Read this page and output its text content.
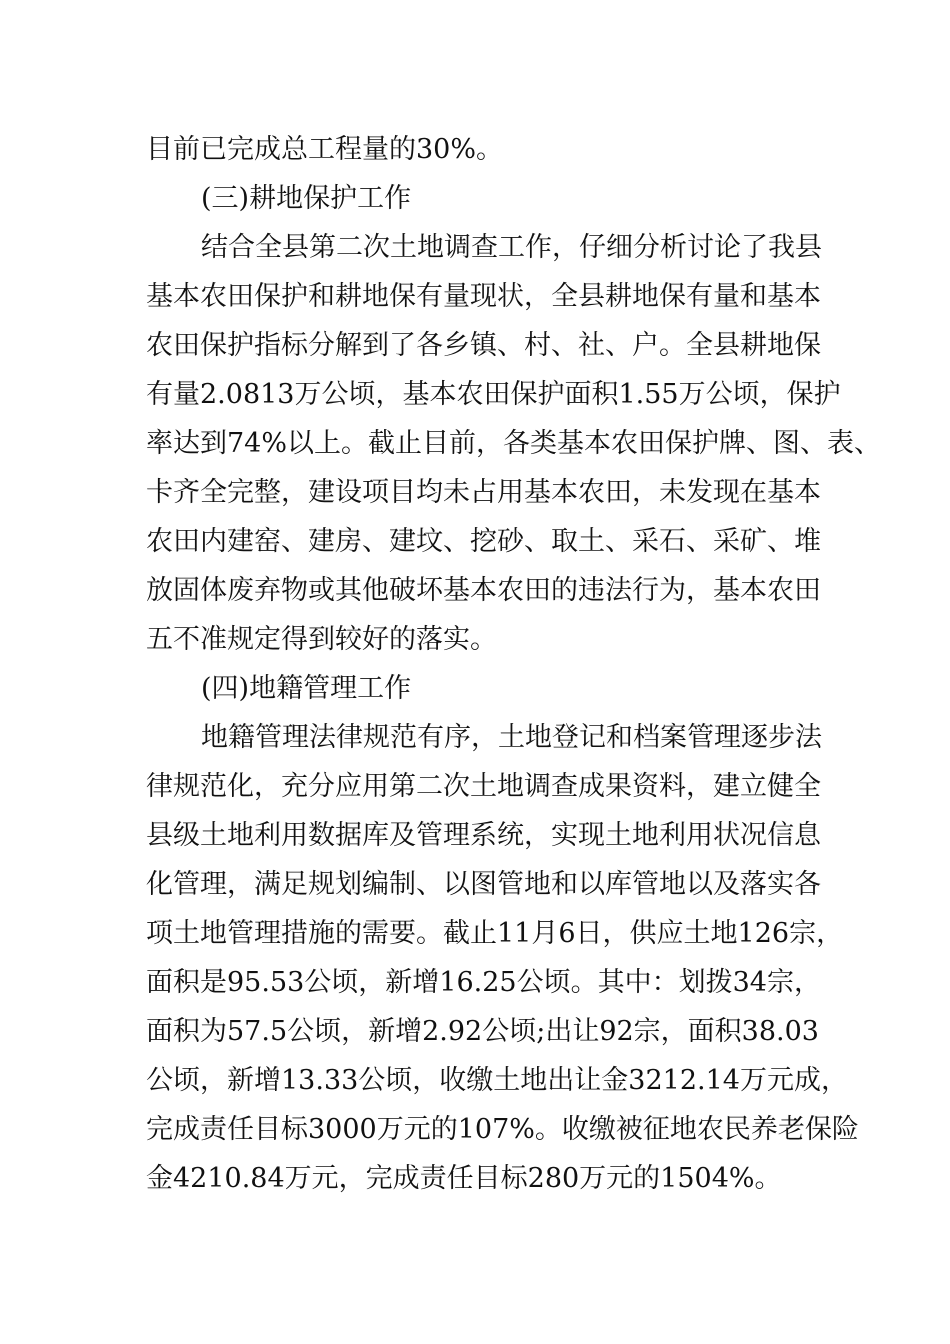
目前已完成总工程量的30%。

(三)耕地保护工作

结合全县第二次土地调查工作，仔细分析讨论了我县

基本农田保护和耕地保有量现状，全县耕地保有量和基本

农田保护指标分解到了各乡镇、村、社、户。全县耕地保

有量2.0813万公顷，基本农田保护面积1.55万公顷，保护

率达到74%以上。截止目前，各类基本农田保护牌、图、表、

卡齐全完整，建设项目均未占用基本农田，未发现在基本

农田内建窑、建房、建坟、挖砂、取土、采石、采矿、堆

放固体废弃物或其他破坏基本农田的违法行为，基本农田

五不准规定得到较好的落实。

(四)地籍管理工作

地籍管理法律规范有序，土地登记和档案管理逐步法

律规范化，充分应用第二次土地调查成果资料，建立健全

县级土地利用数据库及管理系统，实现土地利用状况信息

化管理，满足规划编制、以图管地和以库管地以及落实各

项土地管理措施的需要。截止11月6日，供应土地126宗，

面积是95.53公顷，新增16.25公顷。其中：划拨34宗，

面积为57.5公顷，新增2.92公顷;出让92宗，面积38.03

公顷，新增13.33公顷，收缴土地出让金3212.14万元成，

完成责任目标3000万元的107%。收缴被征地农民养老保险

金4210.84万元，完成责任目标280万元的1504%。
